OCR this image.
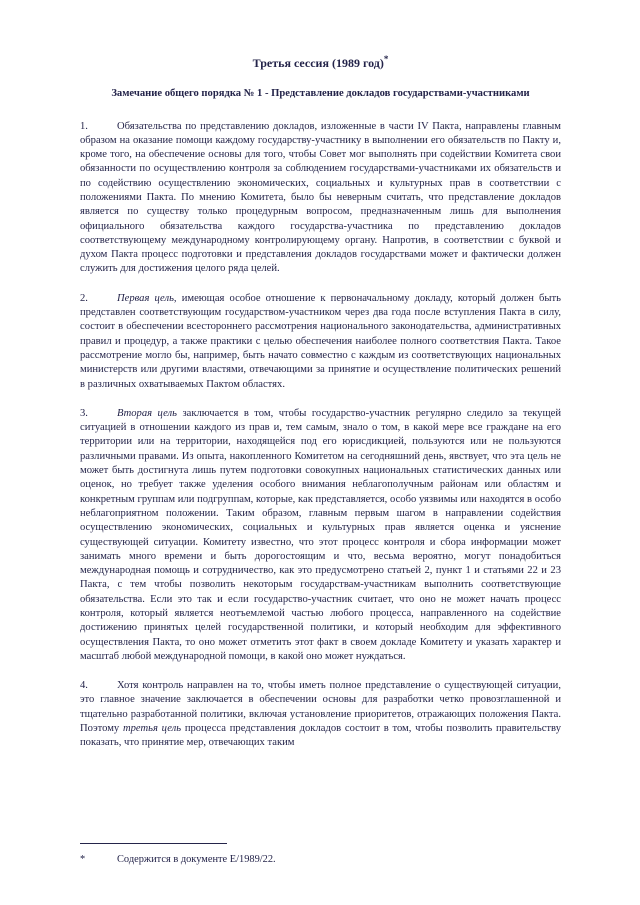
Третья сессия (1989 год)*
Замечание общего порядка № 1 - Представление докладов государствами-участниками

1.	Обязательства по представлению докладов, изложенные в части IV Пакта, направлены главным образом на оказание помощи каждому государству-участнику в выполнении его обязательств по Пакту и, кроме того, на обеспечение основы для того, чтобы Совет мог выполнять при содействии Комитета свои обязанности по осуществлению контроля за соблюдением государствами-участниками их обязательств и по содействию осуществлению экономических, социальных и культурных прав в соответствии с положениями Пакта. По мнению Комитета, было бы неверным считать, что представление докладов является по существу только процедурным вопросом, предназначенным лишь для выполнения официального обязательства каждого государства-участника по представлению докладов соответствующему международному контролирующему органу. Напротив, в соответствии с буквой и духом Пакта процесс подготовки и представления докладов государствами может и фактически должен служить для достижения целого ряда целей.

2.	Первая цель, имеющая особое отношение к первоначальному докладу, который должен быть представлен соответствующим государством-участником через два года после вступления Пакта в силу, состоит в обеспечении всестороннего рассмотрения национального законодательства, административных правил и процедур, а также практики с целью обеспечения наиболее полного соответствия Пакта. Такое рассмотрение могло бы, например, быть начато совместно с каждым из соответствующих национальных министерств или другими властями, отвечающими за принятие и осуществление политических решений в различных охватываемых Пактом областях.

3.	Вторая цель заключается в том, чтобы государство-участник регулярно следило за текущей ситуацией в отношении каждого из прав и, тем самым, знало о том, в какой мере все граждане на его территории или на территории, находящейся под его юрисдикцией, пользуются или не пользуются различными правами. Из опыта, накопленного Комитетом на сегодняшний день, явствует, что эта цель не может быть достигнута лишь путем подготовки совокупных национальных статистических данных или оценок, но требует также уделения особого внимания неблагополучным районам или областям и конкретным группам или подгруппам, которые, как представляется, особо уязвимы или находятся в особо неблагоприятном положении. Таким образом, главным первым шагом в направлении содействия осуществлению экономических, социальных и культурных прав является оценка и уяснение существующей ситуации. Комитету известно, что этот процесс контроля и сбора информации может занимать много времени и быть дорогостоящим и что, весьма вероятно, могут понадобиться международная помощь и сотрудничество, как это предусмотрено статьей 2, пункт 1 и статьями 22 и 23 Пакта, с тем чтобы позволить некоторым государствам-участникам выполнить соответствующие обязательства. Если это так и если государство-участник считает, что оно не может начать процесс контроля, который является неотъемлемой частью любого процесса, направленного на содействие достижению принятых целей государственной политики, и который необходим для эффективного осуществления Пакта, то оно может отметить этот факт в своем докладе Комитету и указать характер и масштаб любой международной помощи, в какой оно может нуждаться.

4.	Хотя контроль направлен на то, чтобы иметь полное представление о существующей ситуации, это главное значение заключается в обеспечении основы для разработки четко провозглашенной и тщательно разработанной политики, включая установление приоритетов, отражающих положения Пакта. Поэтому третья цель процесса представления докладов состоит в том, чтобы позволить правительству показать, что принятие мер, отвечающих таким

*	Содержится в документе E/1989/22.
